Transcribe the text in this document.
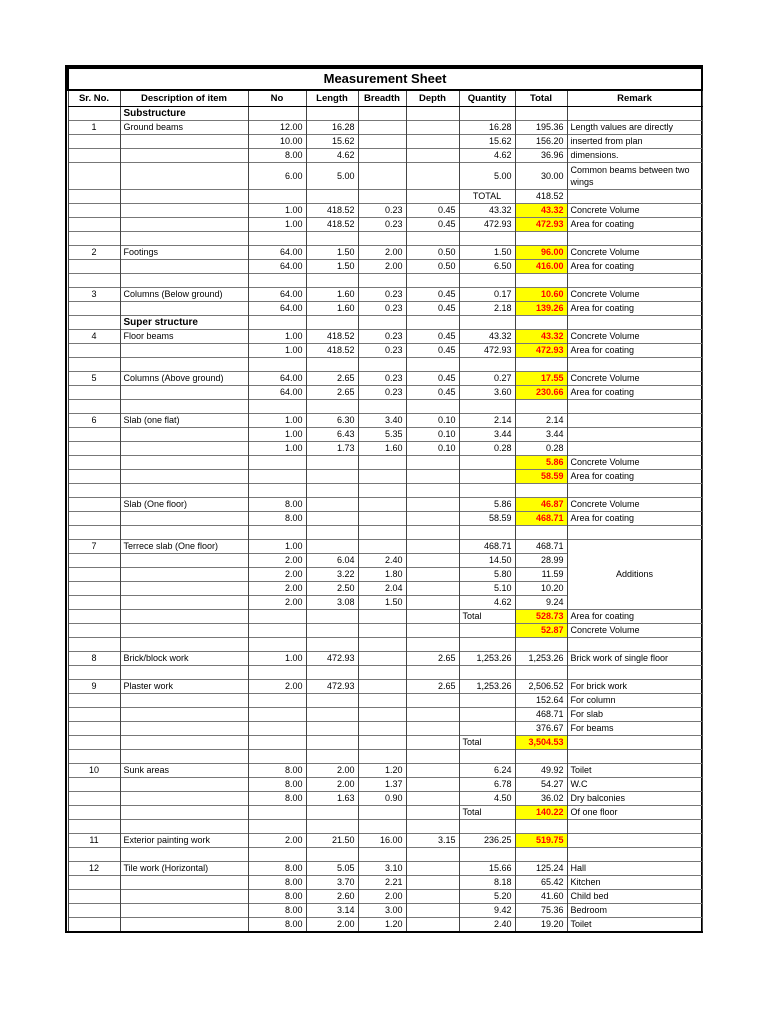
Measurement Sheet								
Sr. No.	Description of item	No	Length	Breadth	Depth	Quantity	Total	Remark
	Substructure							
1	Ground beams	12.00	16.28			16.28	195.36	Length values are directly
		10.00	15.62			15.62	156.20	inserted from plan
		8.00	4.62			4.62	36.96	dimensions.
		6.00	5.00			5.00	30.00	Common beams between two wings
						TOTAL	418.52	
		1.00	418.52	0.23	0.45	43.32	43.32	Concrete Volume
		1.00	418.52	0.23	0.45	472.93	472.93	Area for coating

2	Footings	64.00	1.50	2.00	0.50	1.50	96.00	Concrete Volume
		64.00	1.50	2.00	0.50	6.50	416.00	Area for coating

3	Columns (Below ground)	64.00	1.60	0.23	0.45	0.17	10.60	Concrete Volume
		64.00	1.60	0.23	0.45	2.18	139.26	Area for coating
	Super structure							
4	Floor beams	1.00	418.52	0.23	0.45	43.32	43.32	Concrete Volume
		1.00	418.52	0.23	0.45	472.93	472.93	Area for coating

5	Columns (Above ground)	64.00	2.65	0.23	0.45	0.27	17.55	Concrete Volume
		64.00	2.65	0.23	0.45	3.60	230.66	Area for coating

6	Slab (one flat)	1.00	6.30	3.40	0.10	2.14	2.14	
		1.00	6.43	5.35	0.10	3.44	3.44	
		1.00	1.73	1.60	0.10	0.28	0.28	
							5.86	Concrete Volume
							58.59	Area for coating

	Slab (One floor)	8.00				5.86	46.87	Concrete Volume
		8.00				58.59	468.71	Area for coating

7	Terrece slab (One floor)	1.00				468.71	468.71	Additions
		2.00	6.04	2.40		14.50	28.99	
		2.00	3.22	1.80		5.80	11.59	
		2.00	2.50	2.04		5.10	10.20	
		2.00	3.08	1.50		4.62	9.24	
						Total	528.73	Area for coating
							52.87	Concrete Volume

8	Brick/block work	1.00	472.93		2.65	1,253.26	1,253.26	Brick work of single floor

9	Plaster work	2.00	472.93		2.65	1,253.26	2,506.52	For brick work
							152.64	For column
							468.71	For slab
							376.67	For beams
						Total	3,504.53	

10	Sunk areas	8.00	2.00	1.20		6.24	49.92	Toilet
		8.00	2.00	1.37		6.78	54.27	W.C
		8.00	1.63	0.90		4.50	36.02	Dry balconies
						Total	140.22	Of one floor

11	Exterior painting work	2.00	21.50	16.00	3.15	236.25	519.75	

12	Tile work (Horizontal)	8.00	5.05	3.10		15.66	125.24	Hall
		8.00	3.70	2.21		8.18	65.42	Kitchen
		8.00	2.60	2.00		5.20	41.60	Child bed
		8.00	3.14	3.00		9.42	75.36	Bedroom
		8.00	2.00	1.20		2.40	19.20	Toilet
